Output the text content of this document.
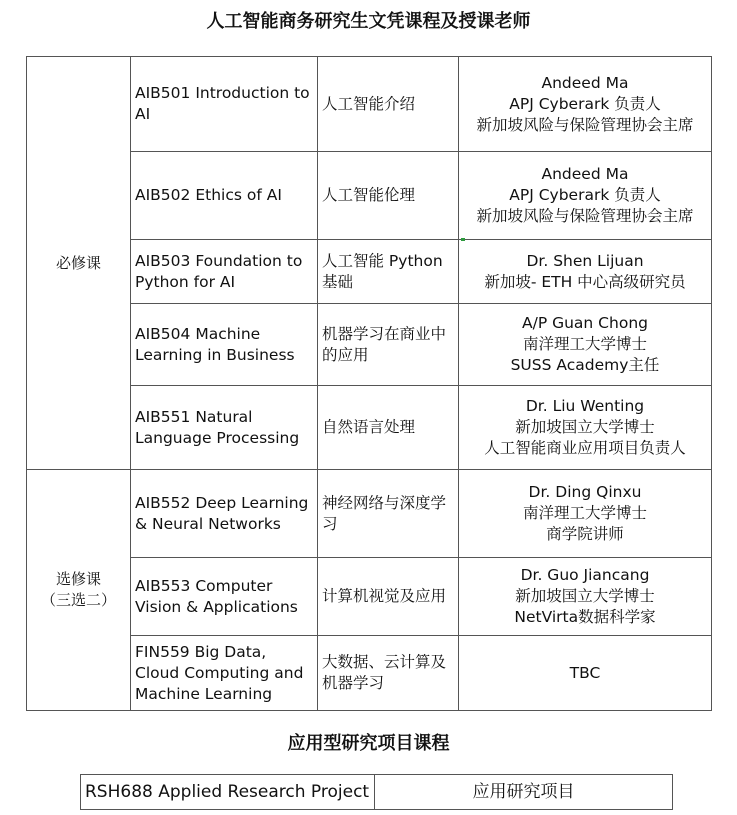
人工智能商务研究生文凭课程及授课老师
必修课	AIB501 Introduction to AI	人工智能介绍	Andeed Ma
APJ Cyberark 负责人
新加坡风险与保险管理协会主席

	AIB502 Ethics of AI	人工智能伦理	Andeed Ma
APJ Cyberark 负责人
新加坡风险与保险管理协会主席

	AIB503 Foundation to Python for AI	人工智能 Python 基础	Dr. Shen Lijuan
新加坡- ETH 中心高级研究员

	AIB504 Machine Learning in Business	机器学习在商业中的应用	A/P Guan Chong
南洋理工大学博士
SUSS Academy主任

	AIB551 Natural Language Processing	自然语言处理	Dr. Liu Wenting
新加坡国立大学博士
人工智能商业应用项目负责人

选修课
（三选二）	AIB552 Deep Learning & Neural Networks	神经网络与深度学习	Dr. Ding Qinxu
南洋理工大学博士
商学院讲师

	AIB553 Computer Vision & Applications	计算机视觉及应用	Dr. Guo Jiancang
新加坡国立大学博士
NetVirta数据科学家

	FIN559 Big Data, Cloud Computing and Machine Learning	大数据、云计算及机器学习	TBC
应用型研究项目课程
RSH688 Applied Research Project	应用研究项目
